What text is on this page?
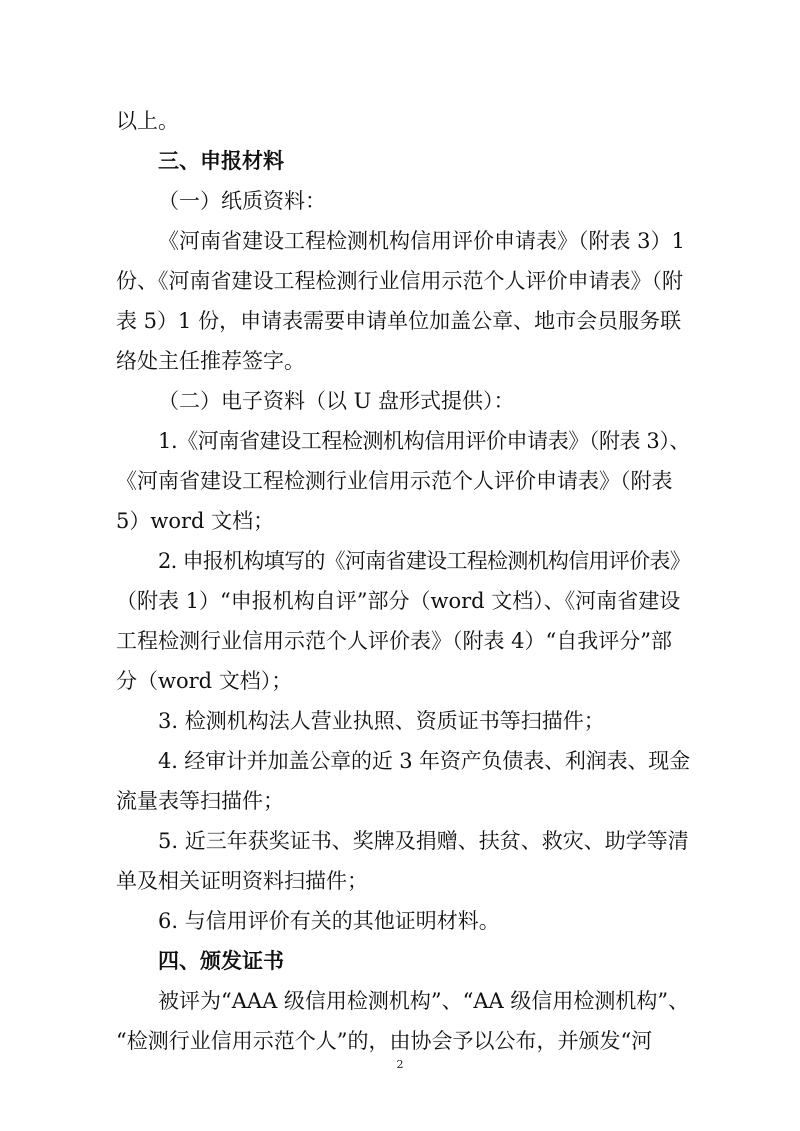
以上。
三、申报材料
（一）纸质资料：
《河南省建设工程检测机构信用评价申请表》（附表 3）1
份、《河南省建设工程检测行业信用示范个人评价申请表》（附
表 5）1 份，申请表需要申请单位加盖公章、地市会员服务联
络处主任推荐签字。
（二）电子资料（以 U 盘形式提供）：
1.《河南省建设工程检测机构信用评价申请表》（附表 3）、
《河南省建设工程检测行业信用示范个人评价申请表》（附表
5）word 文档；
2. 申报机构填写的《河南省建设工程检测机构信用评价表》
（附表 1）“申报机构自评”部分（word 文档）、《河南省建设
工程检测行业信用示范个人评价表》（附表 4）“自我评分”部
分（word 文档）；
3. 检测机构法人营业执照、资质证书等扫描件；
4. 经审计并加盖公章的近 3 年资产负债表、利润表、现金
流量表等扫描件；
5. 近三年获奖证书、奖牌及捐赠、扶贫、救灾、助学等清
单及相关证明资料扫描件；
6. 与信用评价有关的其他证明材料。
四、颁发证书
被评为“AAA 级信用检测机构”、“AA 级信用检测机构”、
“检测行业信用示范个人”的，由协会予以公布，并颁发“河
2
